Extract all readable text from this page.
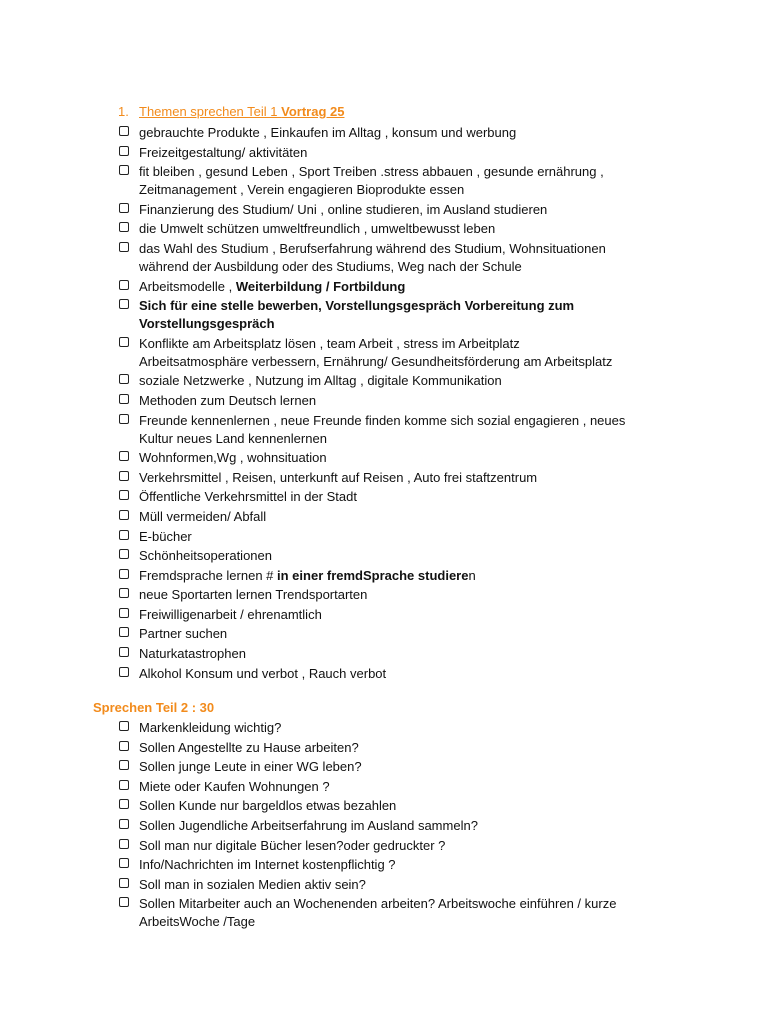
1. Themen sprechen Teil 1 Vortrag 25
gebrauchte Produkte , Einkaufen im Alltag , konsum und werbung
Freizeitgestaltung/ aktivitäten
fit bleiben , gesund Leben , Sport Treiben .stress abbauen , gesunde ernährung ,
Zeitmanagement , Verein engagieren Bioprodukte essen
Finanzierung des Studium/ Uni , online studieren, im Ausland studieren
die Umwelt schützen umweltfreundlich , umweltbewusst leben
das Wahl des Studium , Berufserfahrung während des Studium, Wohnsituationen
während der Ausbildung oder des Studiums, Weg nach der Schule
Arbeitsmodelle , Weiterbildung / Fortbildung
Sich für eine stelle bewerben, Vorstellungsgespräch Vorbereitung zum
Vorstellungsgespräch
Konflikte am Arbeitsplatz lösen , team Arbeit , stress im Arbeitplatz
Arbeitsatmosphäre verbessern, Ernährung/ Gesundheitsförderung am Arbeitsplatz
soziale Netzwerke , Nutzung im Alltag , digitale Kommunikation
Methoden zum Deutsch lernen
Freunde kennenlernen , neue Freunde finden komme sich sozial engagieren , neues
Kultur neues Land kennenlernen
Wohnformen,Wg , wohnsituation
Verkehrsmittel , Reisen, unterkunft auf Reisen , Auto frei staftzentrum
Öffentliche Verkehrsmittel in der Stadt
Müll vermeiden/ Abfall
E-bücher
Schönheitsoperationen
Fremdsprache lernen # in einer fremdSprache studieren
neue Sportarten lernen Trendsportarten
Freiwilligenarbeit / ehrenamtlich
Partner suchen
Naturkatastrophen
Alkohol Konsum und verbot , Rauch verbot
Sprechen Teil 2 : 30
Markenkleidung wichtig?
Sollen Angestellte zu Hause arbeiten?
Sollen junge Leute in einer WG leben?
Miete oder Kaufen Wohnungen ?
Sollen Kunde nur bargeldlos etwas bezahlen
Sollen Jugendliche Arbeitserfahrung im Ausland sammeln?
Soll man nur digitale Bücher lesen?oder gedruckter ?
Info/Nachrichten im Internet kostenpflichtig ?
Soll man in sozialen Medien aktiv sein?
Sollen Mitarbeiter auch an Wochenenden arbeiten? Arbeitswoche einführen / kurze
ArbeitsWoche /Tage
